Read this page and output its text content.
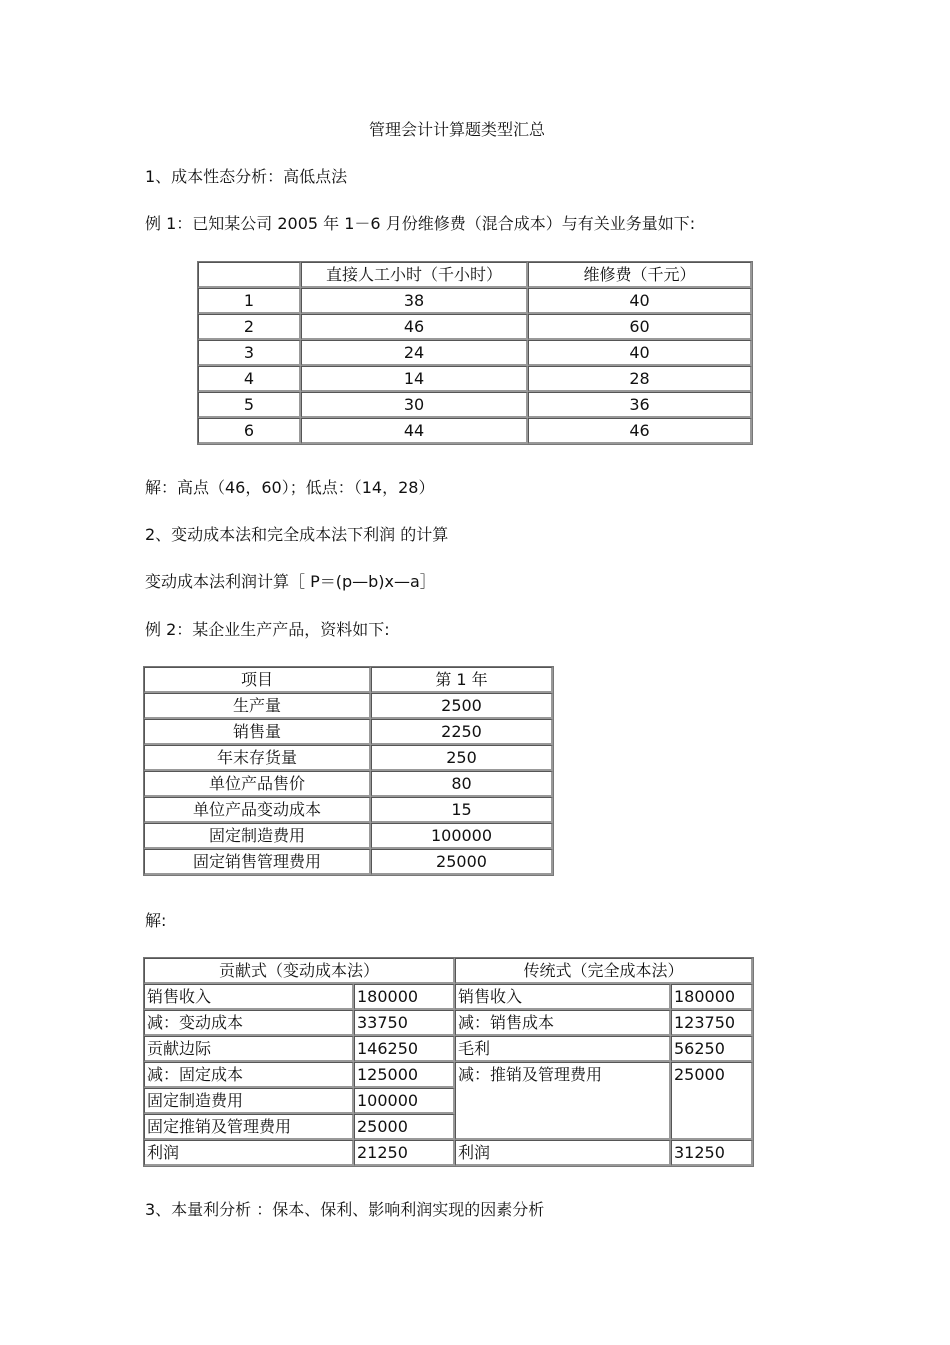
管理会计计算题类型汇总

1、成本性态分析：高低点法

例 1：已知某公司 2005 年 1－6 月份维修费（混合成本）与有关业务量如下:

	直接人工小时（千小时）	维修费（千元）
1	38	40
2	46	60
3	24	40
4	14	28
5	30	36
6	44	46

解：高点（46，60）；低点：（14，28）

2、变动成本法和完全成本法下利润 的计算

变动成本法利润计算［ P＝(p—b)x—a］

例 2：某企业生产产品，资料如下:

项目	第 1 年
生产量	2500
销售量	2250
年末存货量	250
单位产品售价	80
单位产品变动成本	15
固定制造费用	100000
固定销售管理费用	25000

解:

贡献式（变动成本法）		传统式（完全成本法）	
销售收入	180000	销售收入	180000
减：变动成本	33750	减：销售成本	123750
贡献边际	146250	毛利	56250
减：固定成本	125000	减：推销及管理费用	25000
固定制造费用	100000		
固定推销及管理费用	25000		
利润	21250	利润	31250

3、本量利分析 ：保本、保利、影响利润实现的因素分析
